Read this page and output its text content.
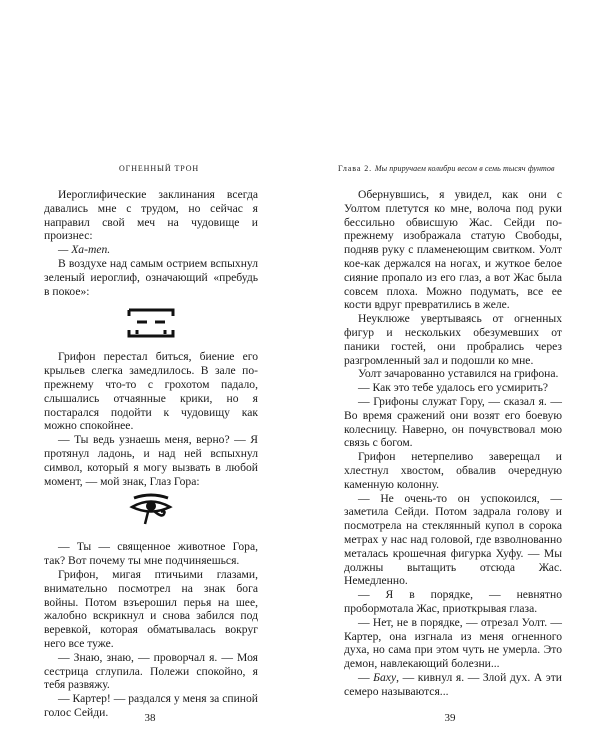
ОГНЕННЫЙ ТРОН

Иероглифические заклинания всегда давались мне с трудом, но сейчас я направил свой меч на чудовище и произнес:

— Ха-теп.

В воздухе над самым острием вспыхнул зеленый иероглиф, означающий «пребудь в покое»:

Грифон перестал биться, биение его крыльев слегка замедлилось. В зале по-прежнему что-то с грохотом падало, слышались отчаянные крики, но я постарался подойти к чудовищу как можно спокойнее.

— Ты ведь узнаешь меня, верно? — Я протянул ладонь, и над ней вспыхнул символ, который я могу вызвать в любой момент, — мой знак, Глаз Гора:

— Ты — священное животное Гора, так? Вот почему ты мне подчиняешься.

Грифон, мигая птичьими глазами, внимательно посмотрел на знак бога войны. Потом взъерошил перья на шее, жалобно вскрикнул и снова забился под веревкой, которая обматывалась вокруг него все туже.

— Знаю, знаю, — проворчал я. — Моя сестрица сглупила. Полежи спокойно, я тебя развяжу.

— Картер! — раздался у меня за спиной голос Сейди.	38
Глава 2. Мы приручаем колибри весом в семь тысяч фунтов

Обернувшись, я увидел, как они с Уолтом плетутся ко мне, волоча под руки бессильно обвисшую Жас. Сейди по-прежнему изображала статую Свободы, подняв руку с пламенеющим свитком. Уолт кое-как держался на ногах, и жуткое белое сияние пропало из его глаз, а вот Жас была совсем плоха. Можно подумать, все ее кости вдруг превратились в желе.

Неуклюже увертываясь от огненных фигур и нескольких обезумевших от паники гостей, они пробрались через разгромленный зал и подошли ко мне.

Уолт зачарованно уставился на грифона.

— Как это тебе удалось его усмирить?

— Грифоны служат Гору, — сказал я. — Во время сражений они возят его боевую колесницу. Наверно, он почувствовал мою связь с богом.

Грифон нетерпеливо заверещал и хлестнул хвостом, обвалив очередную каменную колонну.

— Не очень-то он успокоился, — заметила Сейди. Потом задрала голову и посмотрела на стеклянный купол в сорока метрах у нас над головой, где взволнованно металась крошечная фигурка Хуфу. — Мы должны вытащить отсюда Жас. Немедленно.

— Я в порядке, — невнятно пробормотала Жас, приоткрывая глаза.

— Нет, не в порядке, — отрезал Уолт. — Картер, она изгнала из меня огненного духа, но сама при этом чуть не умерла. Это демон, навлекающий болезни...

— Баху, — кивнул я. — Злой дух. А эти семеро называются...

39
